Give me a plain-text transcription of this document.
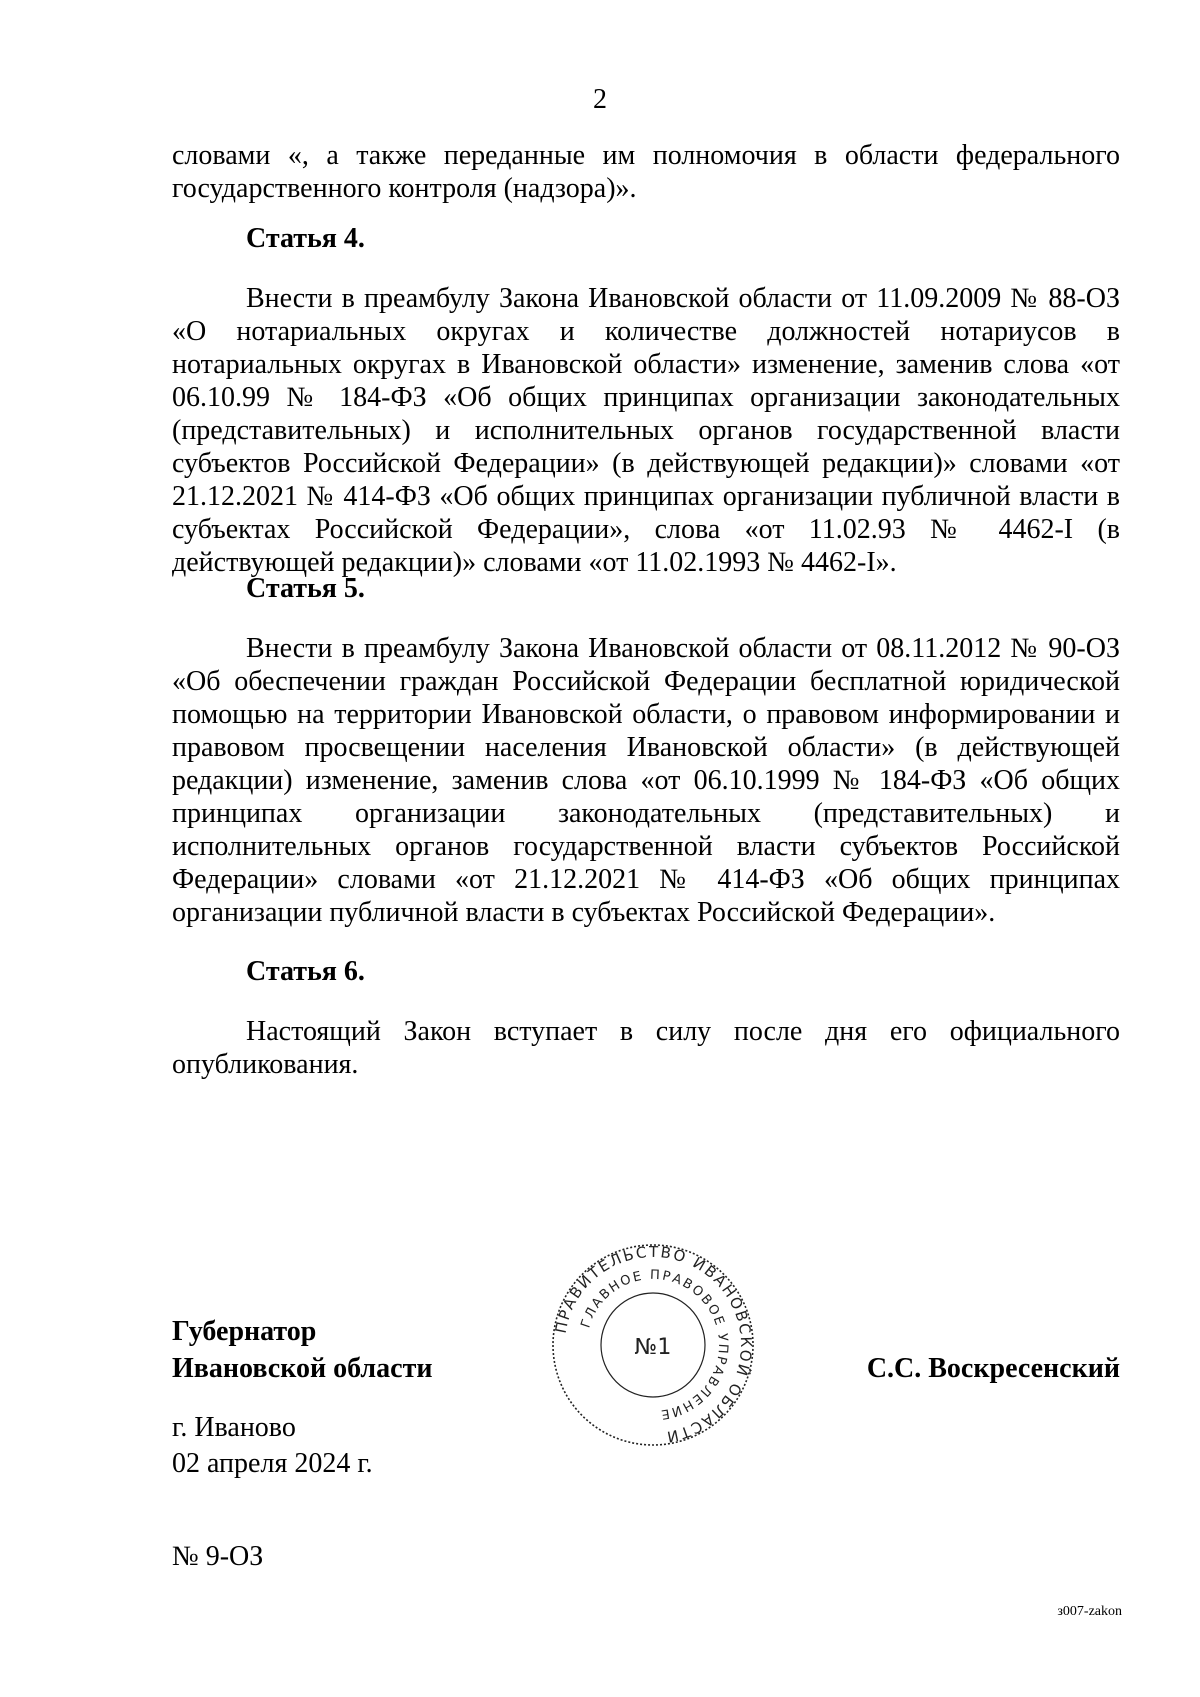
2

словами «, а также переданные им полномочия в области федерального государственного контроля (надзора)».

Статья 4.

Внести в преамбулу Закона Ивановской области от 11.09.2009 № 88-ОЗ «О нотариальных округах и количестве должностей нотариусов в нотариальных округах в Ивановской области» изменение, заменив слова «от 06.10.99 № 184-ФЗ «Об общих принципах организации законодательных (представительных) и исполнительных органов государственной власти субъектов Российской Федерации» (в действующей редакции)» словами «от 21.12.2021 № 414-ФЗ «Об общих принципах организации публичной власти в субъектах Российской Федерации», слова «от 11.02.93 № 4462-I (в действующей редакции)» словами «от 11.02.1993 № 4462-I».

Статья 5.

Внести в преамбулу Закона Ивановской области от 08.11.2012 № 90-ОЗ «Об обеспечении граждан Российской Федерации бесплатной юридической помощью на территории Ивановской области, о правовом информировании и правовом просвещении населения Ивановской области» (в действующей редакции) изменение, заменив слова «от 06.10.1999 № 184-ФЗ «Об общих принципах организации законодательных (представительных) и исполнительных органов государственной власти субъектов Российской Федерации» словами «от 21.12.2021 № 414-ФЗ «Об общих принципах организации публичной власти в субъектах Российской Федерации».

Статья 6.

Настоящий Закон вступает в силу после дня его официального опубликования.

Губернатор
Ивановской области	С.С. Воскресенский
ПРАВИТЕЛЬСТВО ИВАНОВСКОЙ ОБЛАСТИ
ГЛАВНОЕ ПРАВОВОЕ УПРАВЛЕНИЕ
№1
г. Иваново
02 апреля 2024 г.
№ 9-ОЗ
з007-zakon
